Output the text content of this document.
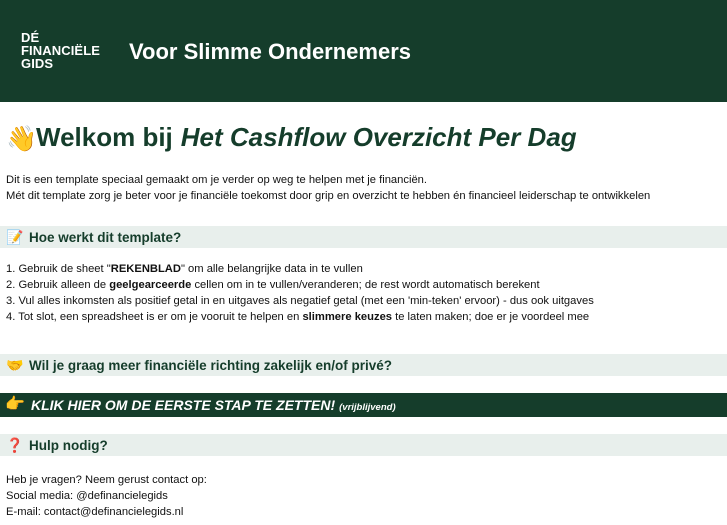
DÉ
FINANCIËLE
GIDS	Voor Slimme Ondernemers
👋Welkom bij Het Cashflow Overzicht Per Dag
Dit is een template speciaal gemaakt om je verder op weg te helpen met je financiën.
Mét dit template zorg je beter voor je financiële toekomst door grip en overzicht te hebben én financieel leiderschap te ontwikkelen
📝 Hoe werkt dit template?
1. Gebruik de sheet "REKENBLAD" om alle belangrijke data in te vullen
2. Gebruik alleen de geelgearceerde cellen om in te vullen/veranderen; de rest wordt automatisch berekent
3. Vul alles inkomsten als positief getal in en uitgaves als negatief getal (met een 'min-teken' ervoor) - dus ook uitgaves
4. Tot slot, een spreadsheet is er om je vooruit te helpen en slimmere keuzes te laten maken; doe er je voordeel mee
🤝 Wil je graag meer financiële richting zakelijk en/of privé?
👉 KLIK HIER OM DE EERSTE STAP TE ZETTEN! (vrijblijvend)
❓ Hulp nodig?
Heb je vragen? Neem gerust contact op:
Social media: @definancielegids
E-mail: contact@definancielegids.nl
